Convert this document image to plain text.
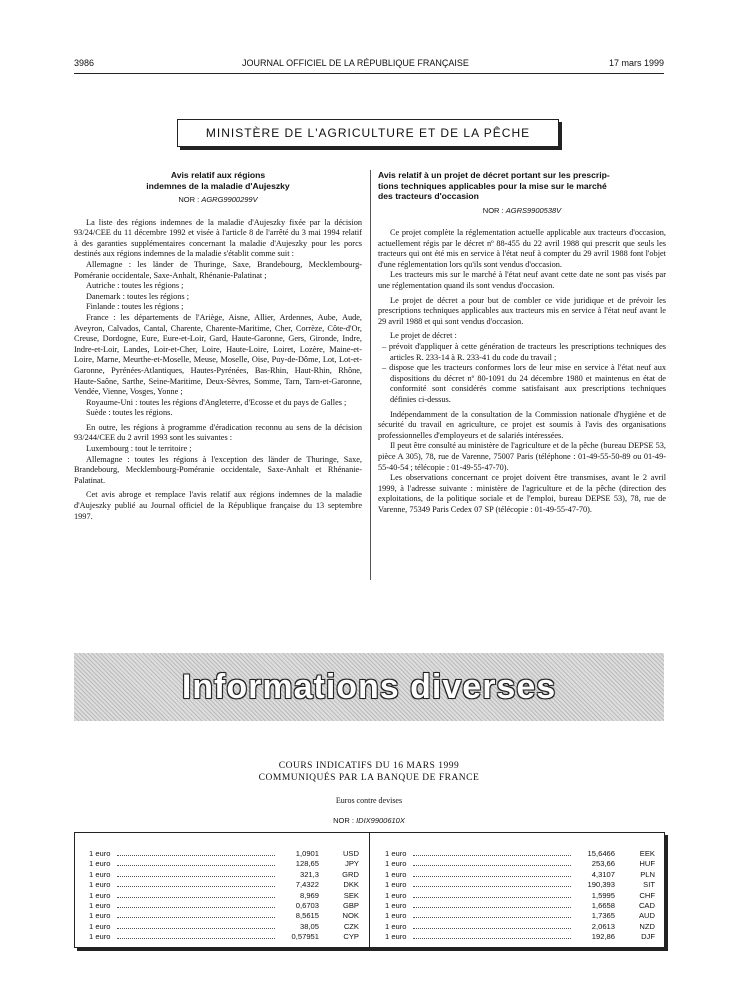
3986	JOURNAL OFFICIEL DE LA RÉPUBLIQUE FRANÇAISE	17 mars 1999
MINISTÈRE DE L'AGRICULTURE ET DE LA PÊCHE
Avis relatif aux régions
indemnes de la maladie d'Aujeszky
NOR : AGRG9900299V

La liste des régions indemnes de la maladie d'Aujeszky fixée par la décision 93/24/CEE du 11 décembre 1992 et visée à l'article 8 de l'arrêté du 3 mai 1994 relatif à des garanties supplémentaires concernant la maladie d'Aujeszky pour les porcs destinés aux régions indemnes de la maladie s'établit comme suit :

Allemagne : les länder de Thuringe, Saxe, Brandebourg, Mecklembourg-Poméranie occidentale, Saxe-Anhalt, Rhénanie-Palatinat ;

Autriche : toutes les régions ;

Danemark : toutes les régions ;

Finlande : toutes les régions ;

France : les départements de l'Ariège, Aisne, Allier, Ardennes, Aube, Aude, Aveyron, Calvados, Cantal, Charente, Charente-Maritime, Cher, Corrèze, Côte-d'Or, Creuse, Dordogne, Eure, Eure-et-Loir, Gard, Haute-Garonne, Gers, Gironde, Indre, Indre-et-Loir, Landes, Loir-et-Cher, Loire, Haute-Loire, Loiret, Lozère, Maine-et-Loire, Marne, Meurthe-et-Moselle, Meuse, Moselle, Oise, Puy-de-Dôme, Lot, Lot-et-Garonne, Pyrénées-Atlantiques, Hautes-Pyrénées, Bas-Rhin, Haut-Rhin, Rhône, Haute-Saône, Sarthe, Seine-Maritime, Deux-Sèvres, Somme, Tarn, Tarn-et-Garonne, Vendée, Vienne, Vosges, Yonne ;

Royaume-Uni : toutes les régions d'Angleterre, d'Ecosse et du pays de Galles ;

Suède : toutes les régions.

En outre, les régions à programme d'éradication reconnu au sens de la décision 93/244/CEE du 2 avril 1993 sont les suivantes :

Luxembourg : tout le territoire ;

Allemagne : toutes les régions à l'exception des länder de Thuringe, Saxe, Brandebourg, Mecklembourg-Poméranie occidentale, Saxe-Anhalt et Rhénanie-Palatinat.

Cet avis abroge et remplace l'avis relatif aux régions indemnes de la maladie d'Aujeszky publié au Journal officiel de la République française du 13 septembre 1997.

Avis relatif à un projet de décret portant sur les prescrip-
tions techniques applicables pour la mise sur le marché
des tracteurs d'occasion
NOR : AGRS9900538V

Ce projet complète la réglementation actuelle applicable aux tracteurs d'occasion, actuellement régis par le décret nº 88-455 du 22 avril 1988 qui prescrit que seuls les tracteurs qui ont été mis en service à l'état neuf à compter du 29 avril 1988 font l'objet d'une réglementation lors qu'ils sont vendus d'occasion.

Les tracteurs mis sur le marché à l'état neuf avant cette date ne sont pas visés par une réglementation quand ils sont vendus d'occasion.

Le projet de décret a pour but de combler ce vide juridique et de prévoir les prescriptions techniques applicables aux tracteurs mis en service à l'état neuf avant le 29 avril 1988 et qui sont vendus d'occasion.

Le projet de décret :

– prévoit d'appliquer à cette génération de tracteurs les prescriptions techniques des articles R. 233-14 à R. 233-41 du code du travail ;

– dispose que les tracteurs conformes lors de leur mise en service à l'état neuf aux dispositions du décret nº 80-1091 du 24 décembre 1980 et maintenus en état de conformité sont considérés comme satisfaisant aux prescriptions techniques définies ci-dessus.

Indépendamment de la consultation de la Commission nationale d'hygiène et de sécurité du travail en agriculture, ce projet est soumis à l'avis des organisations professionnelles d'employeurs et de salariés intéressées.

Il peut être consulté au ministère de l'agriculture et de la pêche (bureau DEPSE 53, pièce A 305), 78, rue de Varenne, 75007 Paris (téléphone : 01-49-55-50-89 ou 01-49-55-40-54 ; télécopie : 01-49-55-47-70).

Les observations concernant ce projet doivent être transmises, avant le 2 avril 1999, à l'adresse suivante : ministère de l'agriculture et de la pêche (direction des exploitations, de la politique sociale et de l'emploi, bureau DEPSE 53), 78, rue de Varenne, 75349 Paris Cedex 07 SP (télécopie : 01-49-55-47-70).

Informations diverses
COURS INDICATIFS DU 16 MARS 1999
COMMUNIQUÉS PAR LA BANQUE DE FRANCE
Euros contre devises
NOR : IDIX9900610X
1 euro	1,0901	USD
1 euro	128,65	JPY
1 euro	321,3	GRD
1 euro	7,4322	DKK
1 euro	8,969	SEK
1 euro	0,6703	GBP
1 euro	8,5615	NOK
1 euro	38,05	CZK
1 euro	0,57951	CYP
1 euro	15,6466	EEK
1 euro	253,66	HUF
1 euro	4,3107	PLN
1 euro	190,393	SIT
1 euro	1,5995	CHF
1 euro	1,6658	CAD
1 euro	1,7365	AUD
1 euro	2,0613	NZD
1 euro	192,86	DJF
